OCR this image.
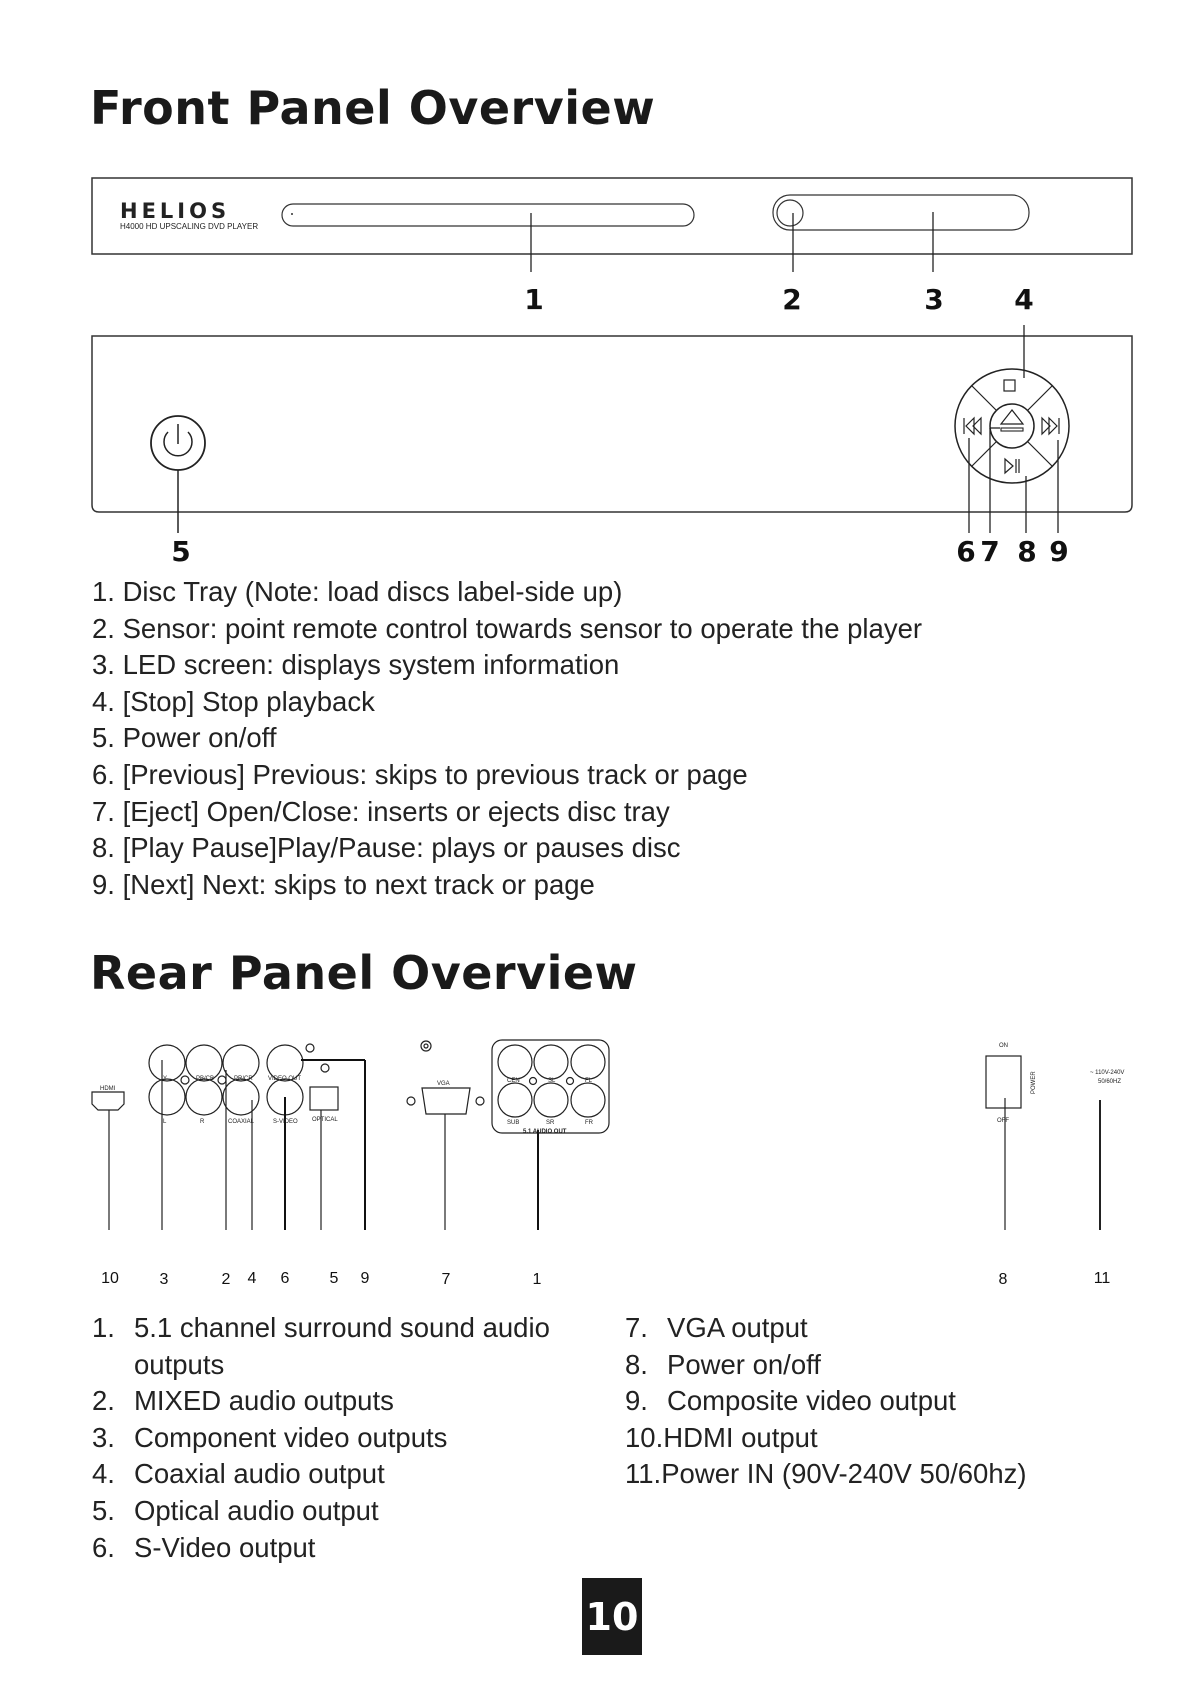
Front Panel Overview
HELIOS
H4000 HD UPSCALING DVD PLAYER
1	2	3	4
5	6 7 8 9
1. Disc Tray (Note: load discs label-side up)
2. Sensor: point remote control towards sensor to operate the player
3. LED screen: displays system information
4. [Stop] Stop playback
5. Power on/off
6. [Previous] Previous: skips to previous track or page
7. [Eject] Open/Close: inserts or ejects disc tray
8. [Play Pause]Play/Pause: plays or pauses disc
9. [Next] Next: skips to next track or page
Rear Panel Overview
HDMI
PB/CB	PR/CR
Y
R
L	COAXIAL
VIDEO OUT
S-VIDEO OPTICAL
VGA	CEN	SL	FL
SUB	SR	FR
5.1 AUDIO OUT
ON
OFF
POWER	~ 110V-240V
50/60HZ
10	3	2 4 6	5 9	7	1	8	11
1. 5.1 channel surround sound audio outputs
2. MIXED audio outputs
3. Component video outputs
4. Coaxial audio output
5. Optical audio output
6. S-Video output
7. VGA output
8. Power on/off
9. Composite video output
10. HDMI output
11. Power IN (90V-240V 50/60hz)
10
